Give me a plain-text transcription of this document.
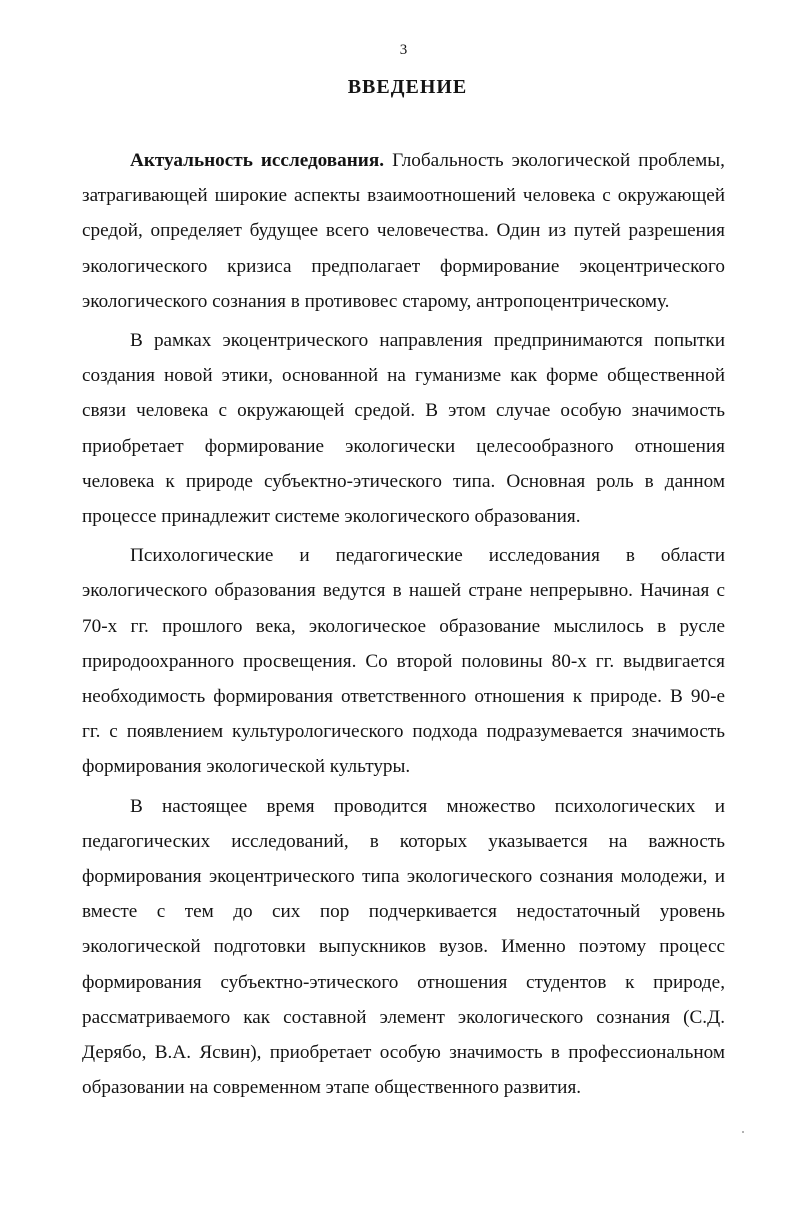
3
ВВЕДЕНИЕ

Актуальность исследования. Глобальность экологической проблемы, затрагивающей широкие аспекты взаимоотношений человека с окружающей средой, определяет будущее всего человечества. Один из путей разрешения экологического кризиса предполагает формирование экоцентрического экологического сознания в противовес старому, антропоцентрическому.

В рамках экоцентрического направления предпринимаются попытки создания новой этики, основанной на гуманизме как форме общественной связи человека с окружающей средой. В этом случае особую значимость приобретает формирование экологически целесообразного отношения человека к природе субъектно-этического типа. Основная роль в данном процессе принадлежит системе экологического образования.

Психологические и педагогические исследования в области экологического образования ведутся в нашей стране непрерывно. Начиная с 70-х гг. прошлого века, экологическое образование мыслилось в русле природоохранного просвещения. Со второй половины 80-х гг. выдвигается необходимость формирования ответственного отношения к природе. В 90-е гг. с появлением культурологического подхода подразумевается значимость формирования экологической культуры.

В настоящее время проводится множество психологических и педагогических исследований, в которых указывается на важность формирования экоцентрического типа экологического сознания молодежи, и вместе с тем до сих пор подчеркивается недостаточный уровень экологической подготовки выпускников вузов. Именно поэтому процесс формирования субъектно-этического отношения студентов к природе, рассматриваемого как составной элемент экологического сознания (С.Д. Дерябо, В.А. Ясвин), приобретает особую значимость в профессиональном образовании на современном этапе общественного развития.
